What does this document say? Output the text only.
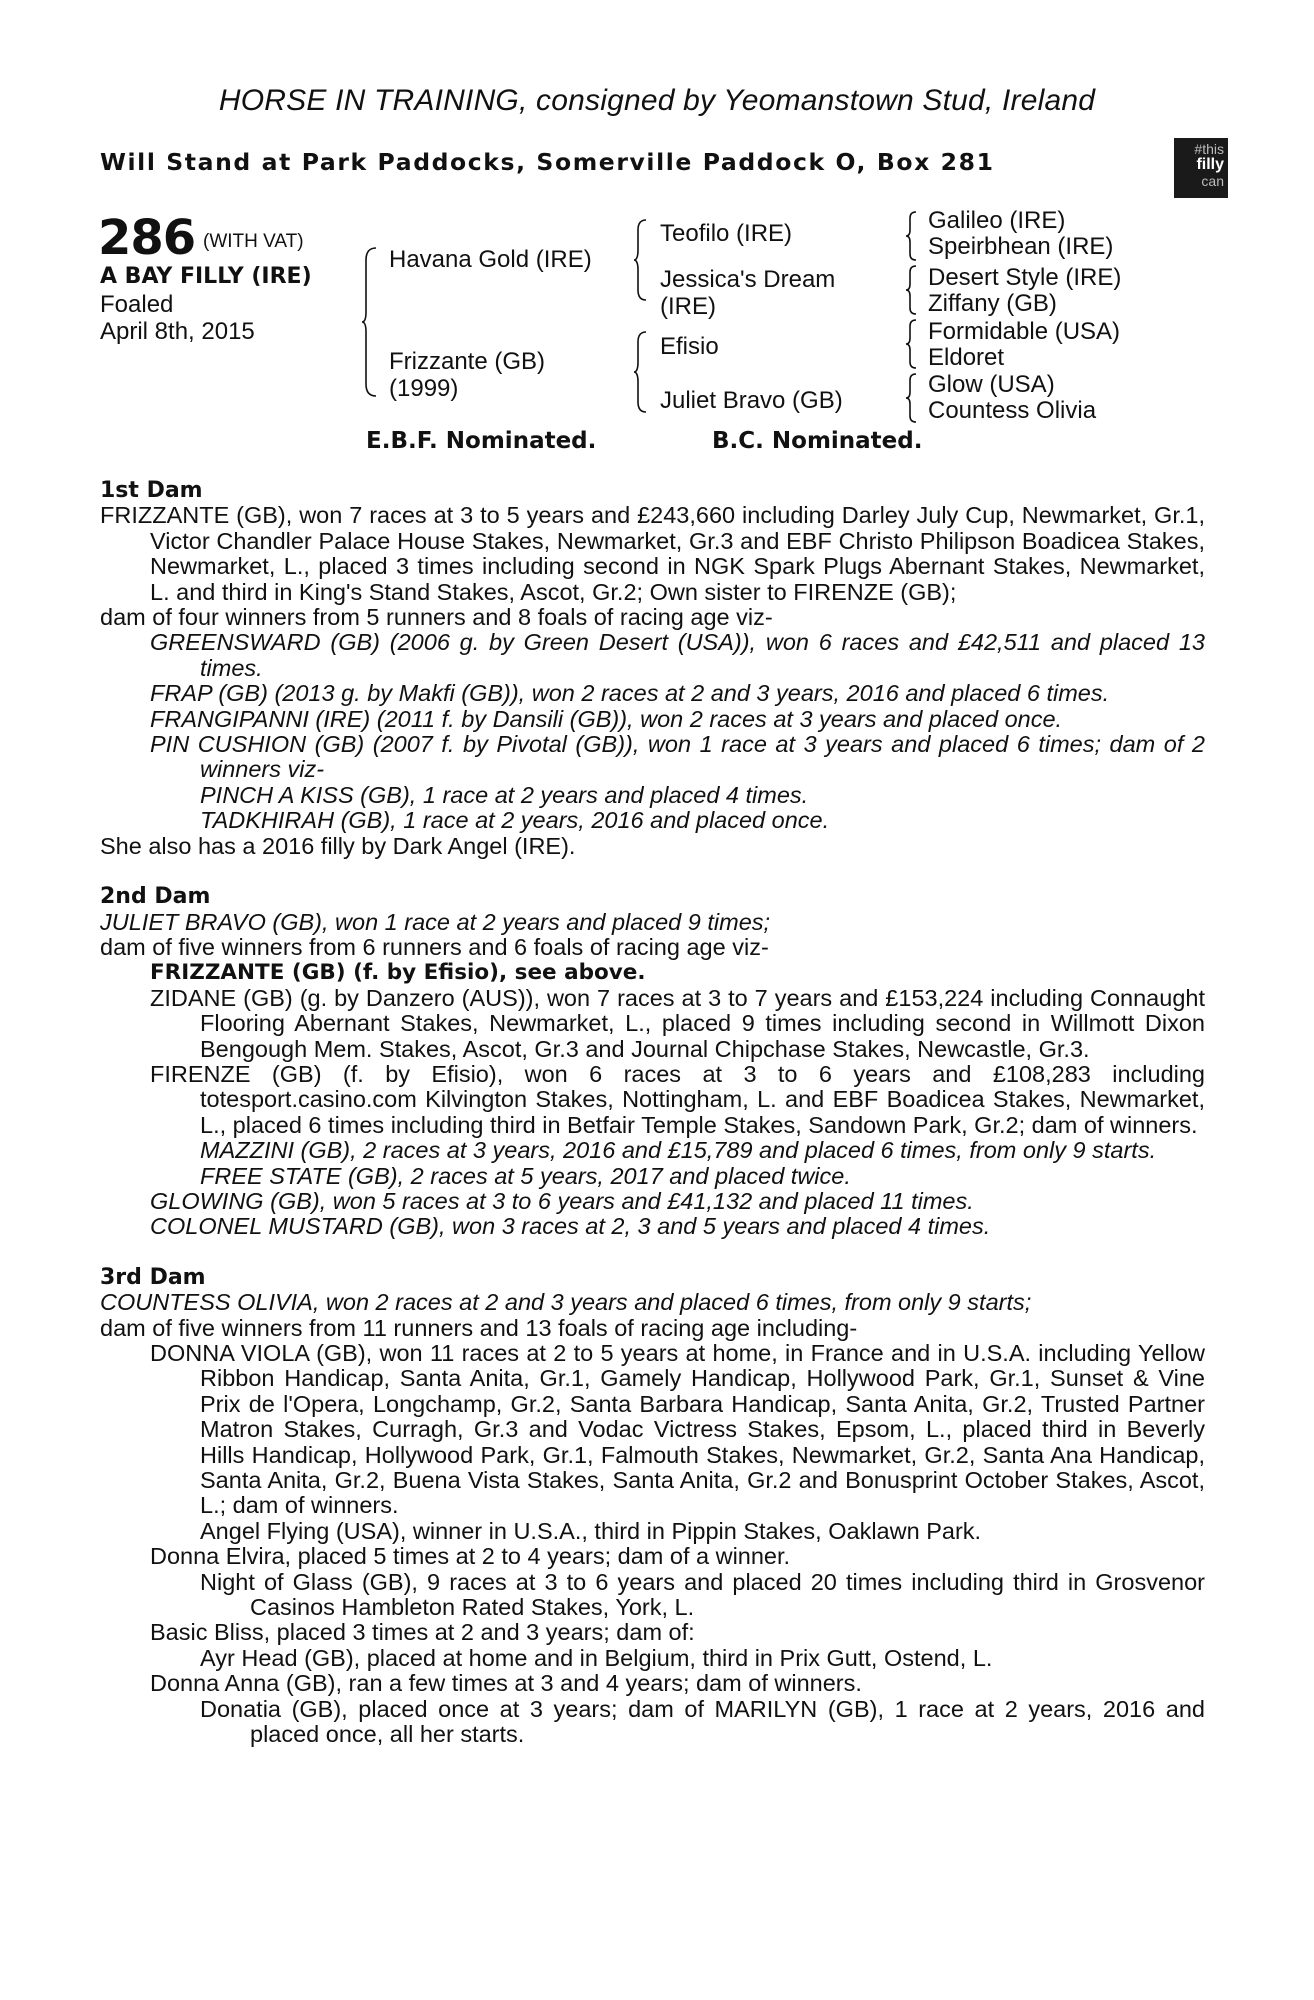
HORSE IN TRAINING, consigned by Yeomanstown Stud, Ireland
Will Stand at Park Paddocks, Somerville Paddock O, Box 281	#this
filly
can
286 (WITH VAT)
A BAY FILLY (IRE)
Foaled
April 8th, 2015
Havana Gold (IRE)
Frizzante (GB)
(1999)
Teofilo (IRE)
Jessica's Dream
(IRE)
Efisio
Juliet Bravo (GB)
Galileo (IRE)
Speirbhean (IRE)
Desert Style (IRE)
Ziffany (GB)
Formidable (USA)
Eldoret
Glow (USA)
Countess Olivia
E.B.F. Nominated.	B.C. Nominated.

1st Dam

FRIZZANTE (GB), won 7 races at 3 to 5 years and £243,660 including Darley July Cup, Newmarket, Gr.1, Victor Chandler Palace House Stakes, Newmarket, Gr.3 and EBF Christo Philipson Boadicea Stakes, Newmarket, L., placed 3 times including second in NGK Spark Plugs Abernant Stakes, Newmarket, L. and third in King's Stand Stakes, Ascot, Gr.2; Own sister to FIRENZE (GB);

dam of four winners from 5 runners and 8 foals of racing age viz-

GREENSWARD (GB) (2006 g. by Green Desert (USA)), won 6 races and £42,511 and placed 13 times.

FRAP (GB) (2013 g. by Makfi (GB)), won 2 races at 2 and 3 years, 2016 and placed 6 times.

FRANGIPANNI (IRE) (2011 f. by Dansili (GB)), won 2 races at 3 years and placed once.

PIN CUSHION (GB) (2007 f. by Pivotal (GB)), won 1 race at 3 years and placed 6 times; dam of 2 winners viz-

PINCH A KISS (GB), 1 race at 2 years and placed 4 times.

TADKHIRAH (GB), 1 race at 2 years, 2016 and placed once.

She also has a 2016 filly by Dark Angel (IRE).

2nd Dam

JULIET BRAVO (GB), won 1 race at 2 years and placed 9 times;

dam of five winners from 6 runners and 6 foals of racing age viz-

FRIZZANTE (GB) (f. by Efisio), see above.

ZIDANE (GB) (g. by Danzero (AUS)), won 7 races at 3 to 7 years and £153,224 including Connaught Flooring Abernant Stakes, Newmarket, L., placed 9 times including second in Willmott Dixon Bengough Mem. Stakes, Ascot, Gr.3 and Journal Chipchase Stakes, Newcastle, Gr.3.

FIRENZE (GB) (f. by Efisio), won 6 races at 3 to 6 years and £108,283 including totesport.casino.com Kilvington Stakes, Nottingham, L. and EBF Boadicea Stakes, Newmarket, L., placed 6 times including third in Betfair Temple Stakes, Sandown Park, Gr.2; dam of winners.

MAZZINI (GB), 2 races at 3 years, 2016 and £15,789 and placed 6 times, from only 9 starts.

FREE STATE (GB), 2 races at 5 years, 2017 and placed twice.

GLOWING (GB), won 5 races at 3 to 6 years and £41,132 and placed 11 times.

COLONEL MUSTARD (GB), won 3 races at 2, 3 and 5 years and placed 4 times.

3rd Dam

COUNTESS OLIVIA, won 2 races at 2 and 3 years and placed 6 times, from only 9 starts;

dam of five winners from 11 runners and 13 foals of racing age including-

DONNA VIOLA (GB), won 11 races at 2 to 5 years at home, in France and in U.S.A. including Yellow Ribbon Handicap, Santa Anita, Gr.1, Gamely Handicap, Hollywood Park, Gr.1, Sunset & Vine Prix de l'Opera, Longchamp, Gr.2, Santa Barbara Handicap, Santa Anita, Gr.2, Trusted Partner Matron Stakes, Curragh, Gr.3 and Vodac Victress Stakes, Epsom, L., placed third in Beverly Hills Handicap, Hollywood Park, Gr.1, Falmouth Stakes, Newmarket, Gr.2, Santa Ana Handicap, Santa Anita, Gr.2, Buena Vista Stakes, Santa Anita, Gr.2 and Bonusprint October Stakes, Ascot, L.; dam of winners.

Angel Flying (USA), winner in U.S.A., third in Pippin Stakes, Oaklawn Park.

Donna Elvira, placed 5 times at 2 to 4 years; dam of a winner.

Night of Glass (GB), 9 races at 3 to 6 years and placed 20 times including third in Grosvenor Casinos Hambleton Rated Stakes, York, L.

Basic Bliss, placed 3 times at 2 and 3 years; dam of:

Ayr Head (GB), placed at home and in Belgium, third in Prix Gutt, Ostend, L.

Donna Anna (GB), ran a few times at 3 and 4 years; dam of winners.

Donatia (GB), placed once at 3 years; dam of MARILYN (GB), 1 race at 2 years, 2016 and placed once, all her starts.
